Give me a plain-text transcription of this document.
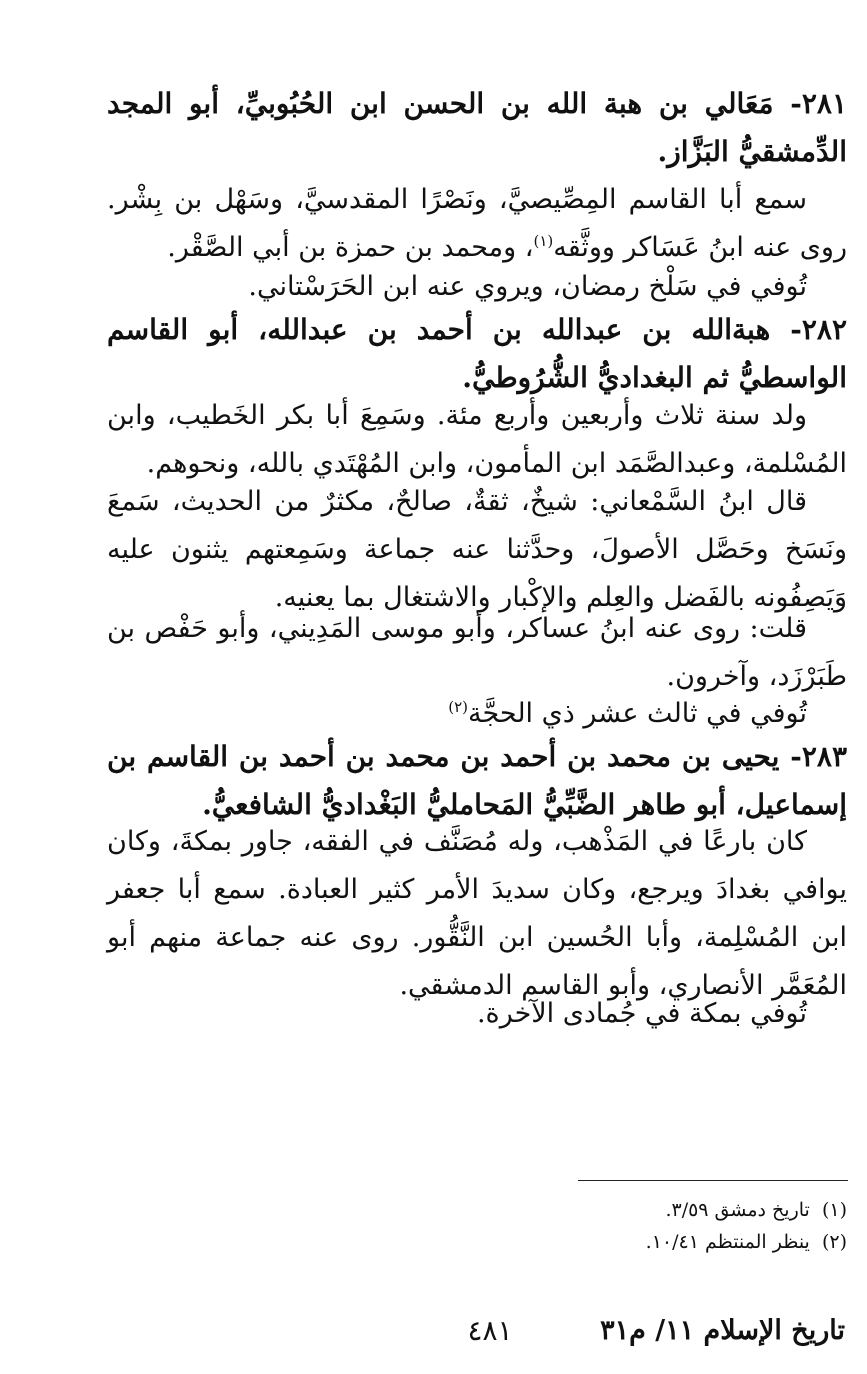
٢٨١- مَعَالي بن هبة الله بن الحسن ابن الحُبُوبيِّ، أبو المجد الدِّمشقيُّ البَزَّاز.

سمع أبا القاسم المِصِّيصيَّ، ونَصْرًا المقدسيَّ، وسَهْل بن بِشْر. روى عنه ابنُ عَسَاكر ووثَّقه$^{(١)}$، ومحمد بن حمزة بن أبي الصَّقْر.

تُوفي في سَلْخ رمضان، ويروي عنه ابن الحَرَسْتاني.

٢٨٢- هبةالله بن عبدالله بن أحمد بن عبدالله، أبو القاسم الواسطيُّ ثم البغداديُّ الشُّرُوطيُّ.

ولد سنة ثلاث وأربعين وأربع مئة. وسَمِعَ أبا بكر الخَطيب، وابن المُسْلمة، وعبدالصَّمَد ابن المأمون، وابن المُهْتَدي بالله، ونحوهم.

قال ابنُ السَّمْعاني: شيخٌ، ثقةٌ، صالحٌ، مكثرٌ من الحديث، سَمعَ ونَسَخ وحَصَّل الأصولَ، وحدَّثنا عنه جماعة وسَمِعتهم يثنون عليه وَيَصِفُونه بالفَضل والعِلم والإكْبار والاشتغال بما يعنيه.

قلت: روى عنه ابنُ عساكر، وأبو موسى المَدِيني، وأبو حَفْص بن طَبَرْزَد، وآخرون.

تُوفي في ثالث عشر ذي الحجَّة$^{(٢)}$

٢٨٣- يحيى بن محمد بن أحمد بن محمد بن أحمد بن القاسم بن إسماعيل، أبو طاهر الضَّبِّيُّ المَحامليُّ البَغْداديُّ الشافعيُّ.

كان بارعًا في المَذْهب، وله مُصَنَّف في الفقه، جاور بمكةَ، وكان يوافي بغدادَ ويرجع، وكان سديدَ الأمر كثير العبادة. سمع أبا جعفر ابن المُسْلِمة، وأبا الحُسين ابن النَّقُّور. روى عنه جماعة منهم أبو المُعَمَّر الأنصاري، وأبو القاسم الدمشقي.

تُوفي بمكة في جُمادى الآخرة.

(١)  تاريخ دمشق ٣/٥٩.

(٢)  ينظر المنتظم ١٠/٤١.

تاريخ الإسلام ١١/ م٣١

٤٨١
